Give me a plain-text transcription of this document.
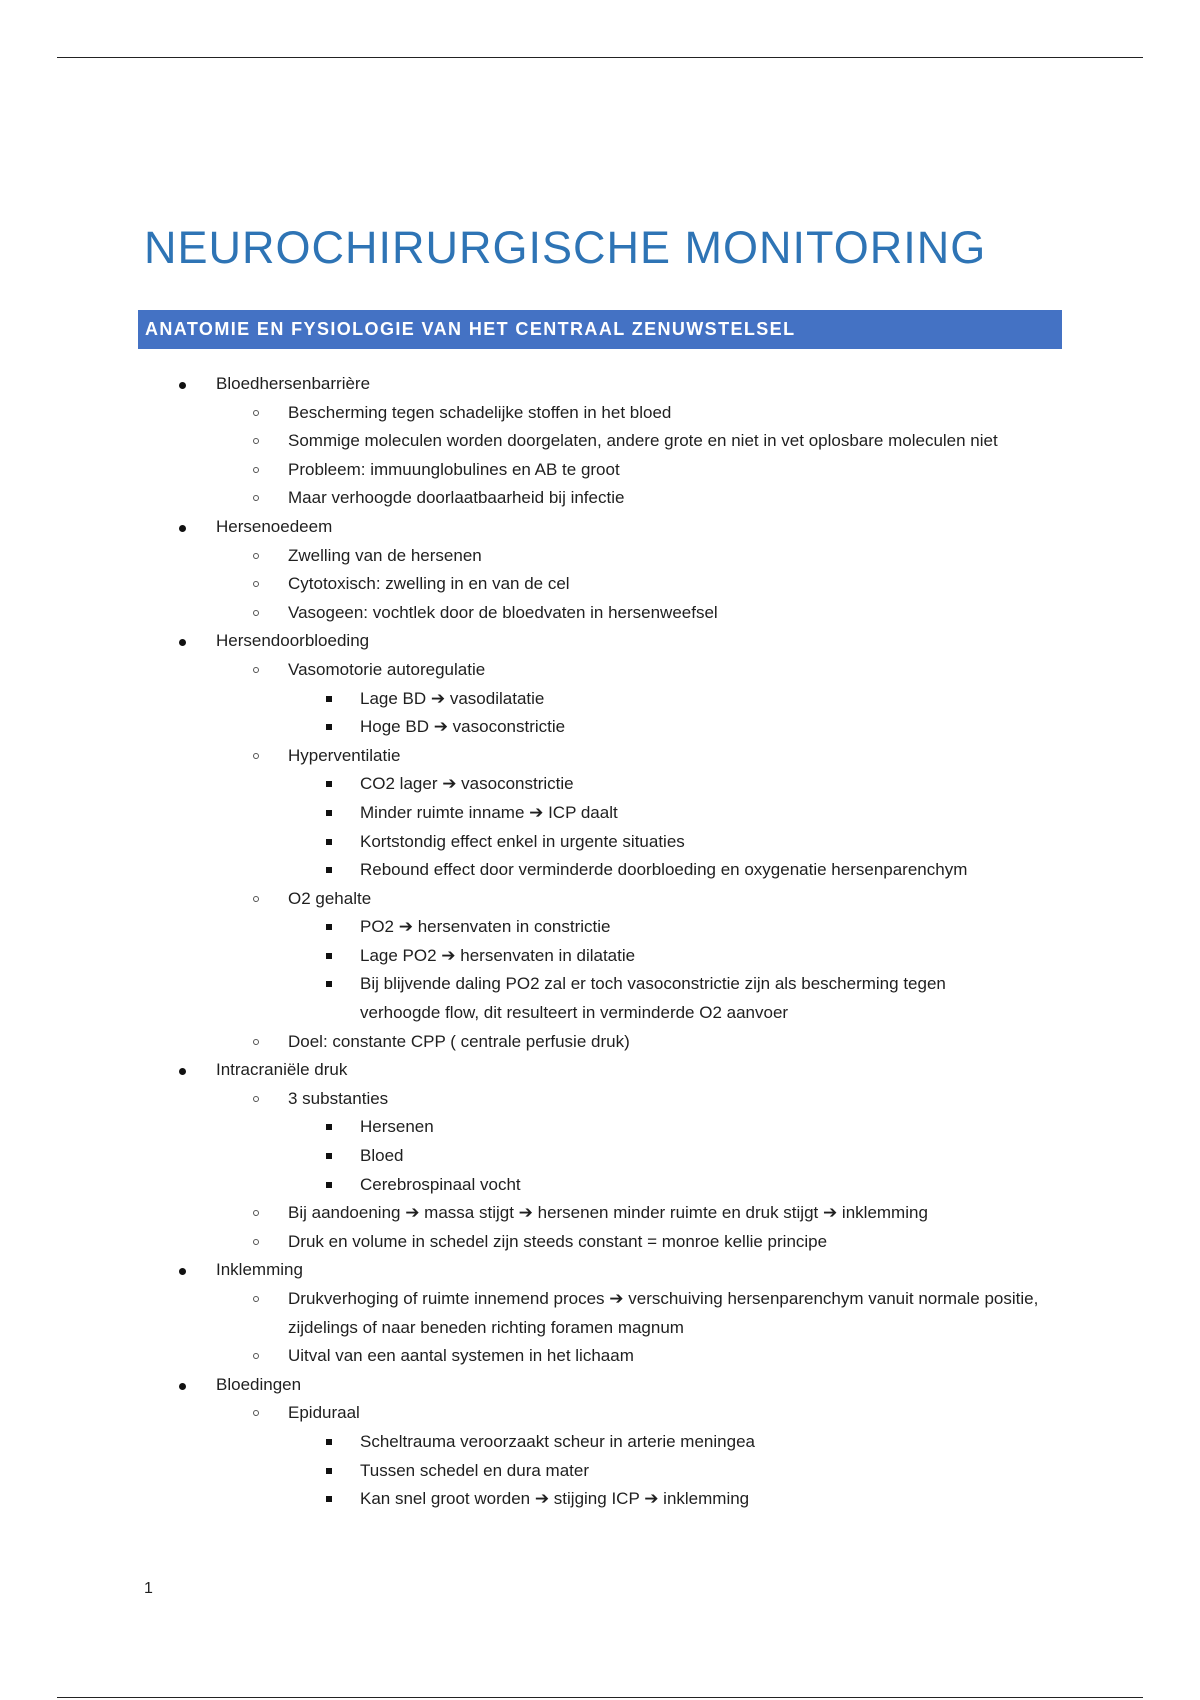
NEUROCHIRURGISCHE MONITORING
ANATOMIE EN FYSIOLOGIE VAN HET CENTRAAL ZENUWSTELSEL
Bloedhersenbarrière
Bescherming tegen schadelijke stoffen in het bloed
Sommige moleculen worden doorgelaten, andere grote en niet in vet oplosbare moleculen niet
Probleem: immuunglobulines en AB te groot
Maar verhoogde doorlaatbaarheid bij infectie
Hersenoedeem
Zwelling van de hersenen
Cytotoxisch: zwelling in en van de cel
Vasogeen: vochtlek door de bloedvaten in hersenweefsel
Hersendoorbloeding
Vasomotorie autoregulatie
Lage BD ➔ vasodilatatie
Hoge BD ➔ vasoconstrictie
Hyperventilatie
CO2 lager ➔ vasoconstrictie
Minder ruimte inname ➔ ICP daalt
Kortstondig effect enkel in urgente situaties
Rebound effect door verminderde doorbloeding en oxygenatie hersenparenchym
O2 gehalte
PO2 ➔ hersenvaten in constrictie
Lage PO2 ➔ hersenvaten in dilatatie
Bij blijvende daling PO2 zal er toch vasoconstrictie zijn als bescherming tegen verhoogde flow, dit resulteert in verminderde O2 aanvoer
Doel: constante CPP ( centrale perfusie druk)
Intracraniële druk
3 substanties
Hersenen
Bloed
Cerebrospinaal vocht
Bij aandoening ➔ massa stijgt ➔ hersenen minder ruimte en druk stijgt ➔ inklemming
Druk en volume in schedel zijn steeds constant = monroe kellie principe
Inklemming
Drukverhoging of ruimte innemend proces ➔ verschuiving hersenparenchym vanuit normale positie, zijdelings of naar beneden richting foramen magnum
Uitval van een aantal systemen in het lichaam
Bloedingen
Epiduraal
Scheltrauma veroorzaakt scheur in arterie meningea
Tussen schedel en dura mater
Kan snel groot worden ➔ stijging ICP ➔ inklemming
1
